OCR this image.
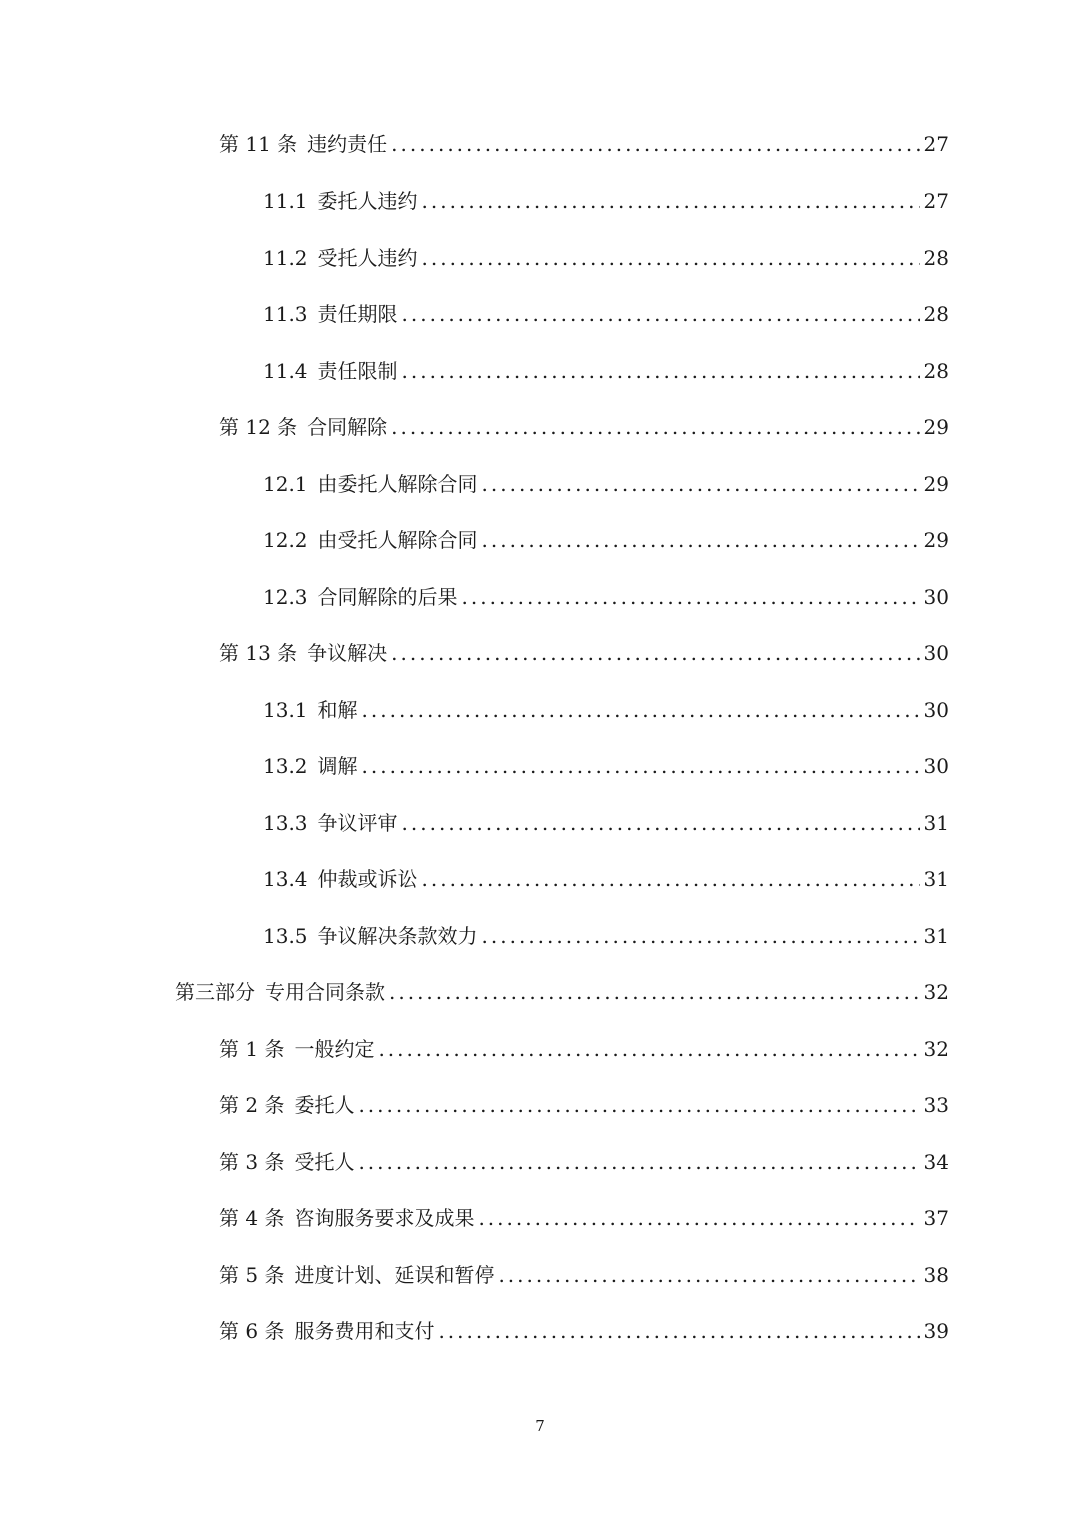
第 11 条 违约责任 .....	27
11.1 委托人违约 .....	27
11.2 受托人违约 .....	28
11.3 责任期限 .....	28
11.4 责任限制 .....	28
第 12 条 合同解除 .....	29
12.1 由委托人解除合同 .....	29
12.2 由受托人解除合同 .....	29
12.3 合同解除的后果 .....	30
第 13 条 争议解决 .....	30
13.1 和解 .....	30
13.2 调解 .....	30
13.3 争议评审 .....	31
13.4 仲裁或诉讼 .....	31
13.5 争议解决条款效力 .....	31
第三部分 专用合同条款 .....	32
第 1 条 一般约定 .....	32
第 2 条 委托人 .....	33
第 3 条 受托人 .....	34
第 4 条 咨询服务要求及成果 .....	37
第 5 条 进度计划、延误和暂停 .....	38
第 6 条 服务费用和支付 .....	39
7
